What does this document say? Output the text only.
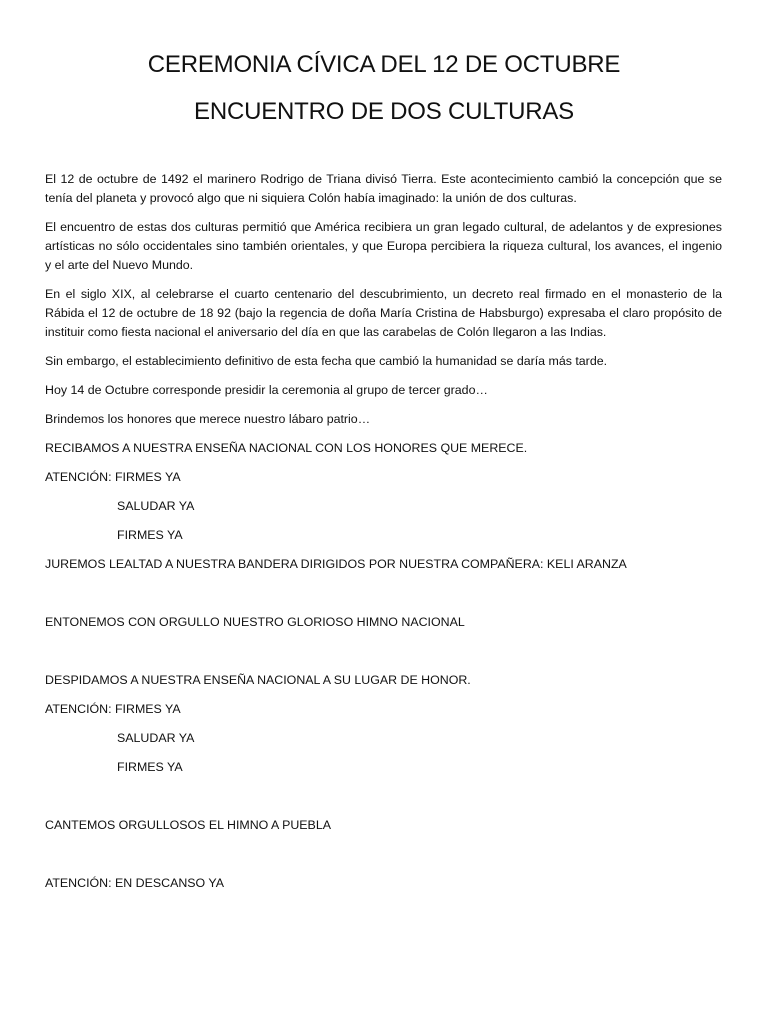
CEREMONIA CÍVICA DEL 12 DE OCTUBRE
ENCUENTRO DE DOS CULTURAS

El 12 de octubre de 1492 el marinero Rodrigo de Triana divisó Tierra. Este acontecimiento cambió la concepción que se tenía del planeta y provocó algo que ni siquiera Colón había imaginado: la unión de dos culturas.

El encuentro de estas dos culturas permitió que América recibiera un gran legado cultural, de adelantos y de expresiones artísticas no sólo occidentales sino también orientales, y que Europa percibiera la riqueza cultural, los avances, el ingenio y el arte del Nuevo Mundo.

En el siglo XIX, al celebrarse el cuarto centenario del descubrimiento, un decreto real firmado en el monasterio de la Rábida el 12 de octubre de 18 92 (bajo la regencia de doña María Cristina de Habsburgo) expresaba el claro propósito de instituir como fiesta nacional el aniversario del día en que las carabelas de Colón llegaron a las Indias.

Sin embargo, el establecimiento definitivo de esta fecha que cambió la humanidad se daría más tarde.

Hoy 14 de Octubre corresponde presidir la ceremonia al grupo de tercer grado…

Brindemos los honores que merece nuestro lábaro patrio…

RECIBAMOS A NUESTRA ENSEÑA NACIONAL CON LOS HONORES QUE MERECE.

ATENCIÓN: FIRMES YA

SALUDAR YA

FIRMES YA

JUREMOS LEALTAD A NUESTRA BANDERA DIRIGIDOS POR NUESTRA COMPAÑERA: KELI ARANZA

ENTONEMOS CON ORGULLO NUESTRO GLORIOSO HIMNO NACIONAL

DESPIDAMOS A NUESTRA ENSEÑA NACIONAL A SU LUGAR DE HONOR.

ATENCIÓN: FIRMES YA

SALUDAR YA

FIRMES YA

CANTEMOS ORGULLOSOS EL HIMNO A PUEBLA

ATENCIÓN: EN DESCANSO YA
